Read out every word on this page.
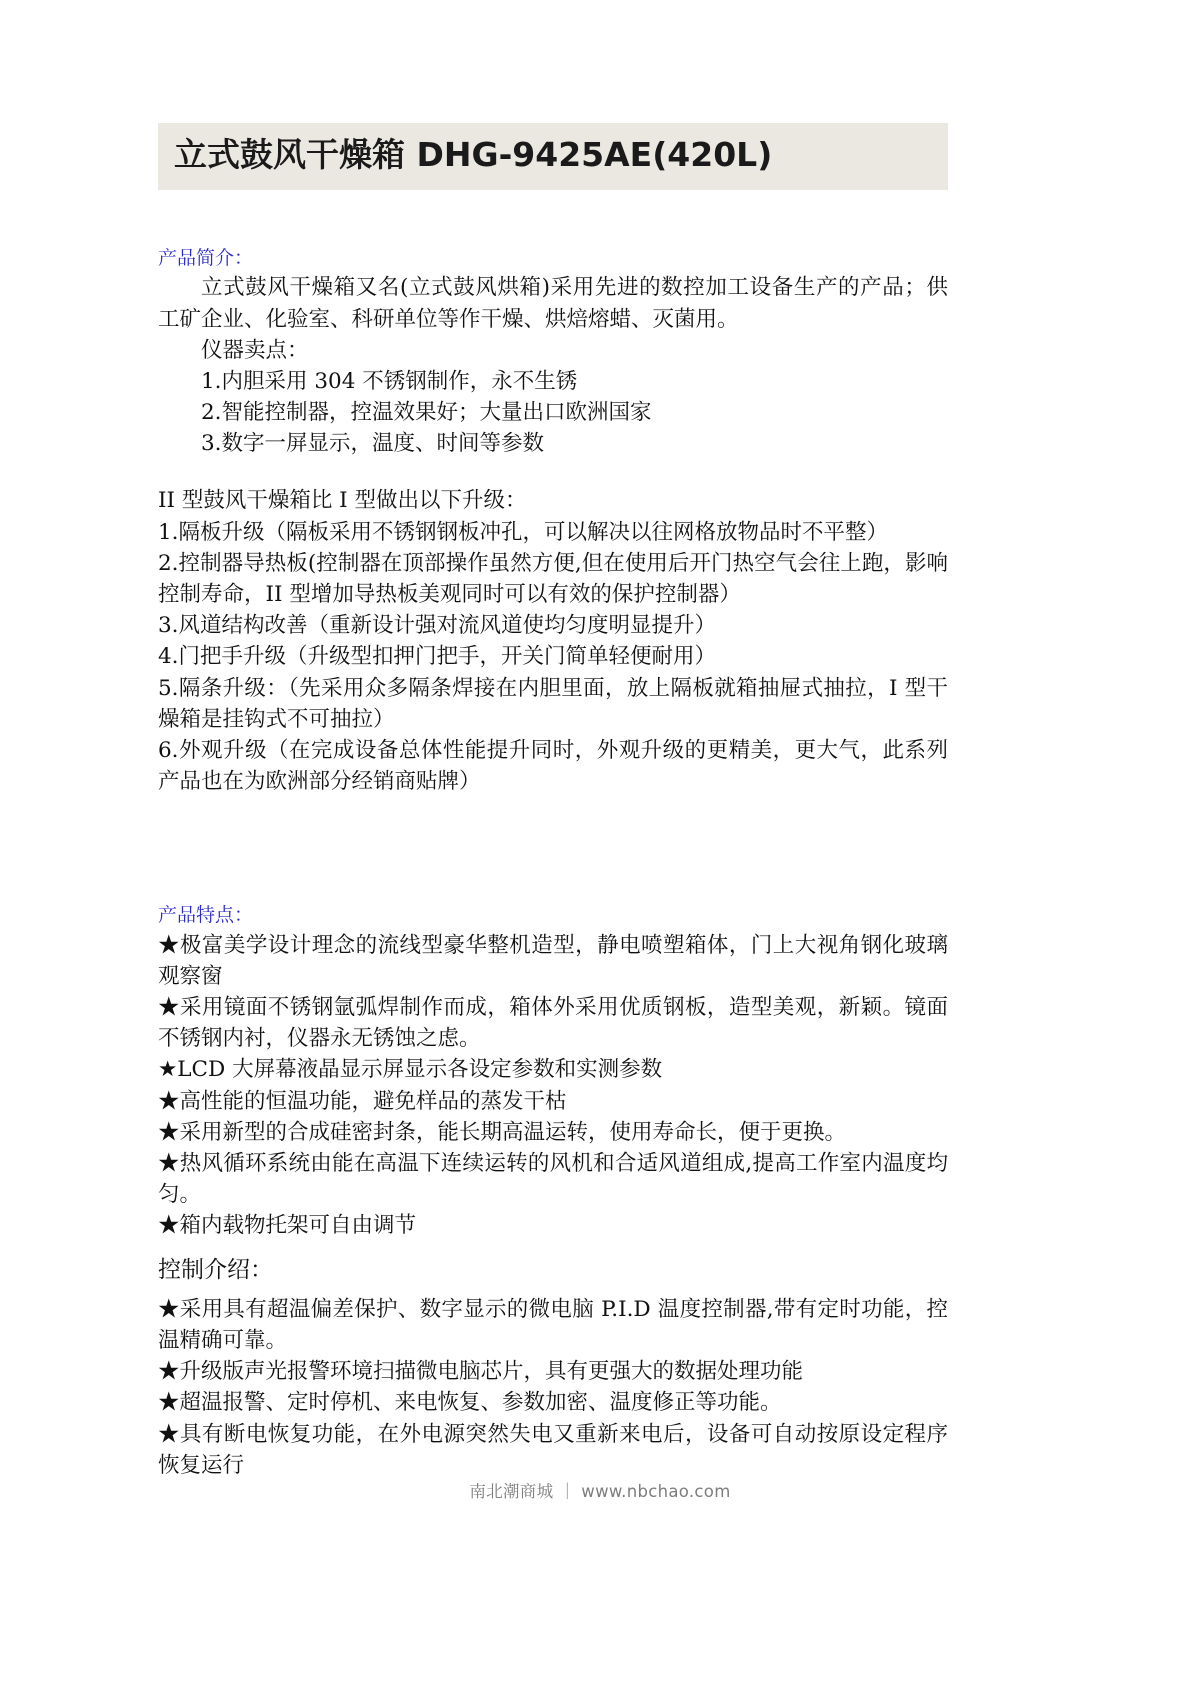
立式鼓风干燥箱 DHG-9425AE(420L)
产品简介：

立式鼓风干燥箱又名(立式鼓风烘箱)采用先进的数控加工设备生产的产品；供工矿企业、化验室、科研单位等作干燥、烘焙熔蜡、灭菌用。

仪器卖点：

1.内胆采用 304 不锈钢制作，永不生锈

2.智能控制器，控温效果好；大量出口欧洲国家

3.数字一屏显示，温度、时间等参数

II 型鼓风干燥箱比 I 型做出以下升级：

1.隔板升级（隔板采用不锈钢钢板冲孔，可以解决以往网格放物品时不平整）

2.控制器导热板(控制器在顶部操作虽然方便,但在使用后开门热空气会往上跑，影响控制寿命，II 型增加导热板美观同时可以有效的保护控制器）

3.风道结构改善（重新设计强对流风道使均匀度明显提升）

4.门把手升级（升级型扣押门把手，开关门简单轻便耐用）

5.隔条升级：（先采用众多隔条焊接在内胆里面，放上隔板就箱抽屉式抽拉，I 型干燥箱是挂钩式不可抽拉）

6.外观升级（在完成设备总体性能提升同时，外观升级的更精美，更大气，此系列产品也在为欧洲部分经销商贴牌）

产品特点：

★极富美学设计理念的流线型豪华整机造型，静电喷塑箱体，门上大视角钢化玻璃观察窗

★采用镜面不锈钢氩弧焊制作而成，箱体外采用优质钢板，造型美观，新颖。镜面不锈钢内衬，仪器永无锈蚀之虑。

★LCD 大屏幕液晶显示屏显示各设定参数和实测参数

★高性能的恒温功能，避免样品的蒸发干枯

★采用新型的合成硅密封条，能长期高温运转，使用寿命长，便于更换。

★热风循环系统由能在高温下连续运转的风机和合适风道组成,提高工作室内温度均匀。

★箱内载物托架可自由调节

控制介绍：

★采用具有超温偏差保护、数字显示的微电脑 P.I.D 温度控制器,带有定时功能，控温精确可靠。

★升级版声光报警环境扫描微电脑芯片，具有更强大的数据处理功能

★超温报警、定时停机、来电恢复、参数加密、温度修正等功能。

★具有断电恢复功能，在外电源突然失电又重新来电后，设备可自动按原设定程序恢复运行

南北潮商城 ｜ www.nbchao.com
